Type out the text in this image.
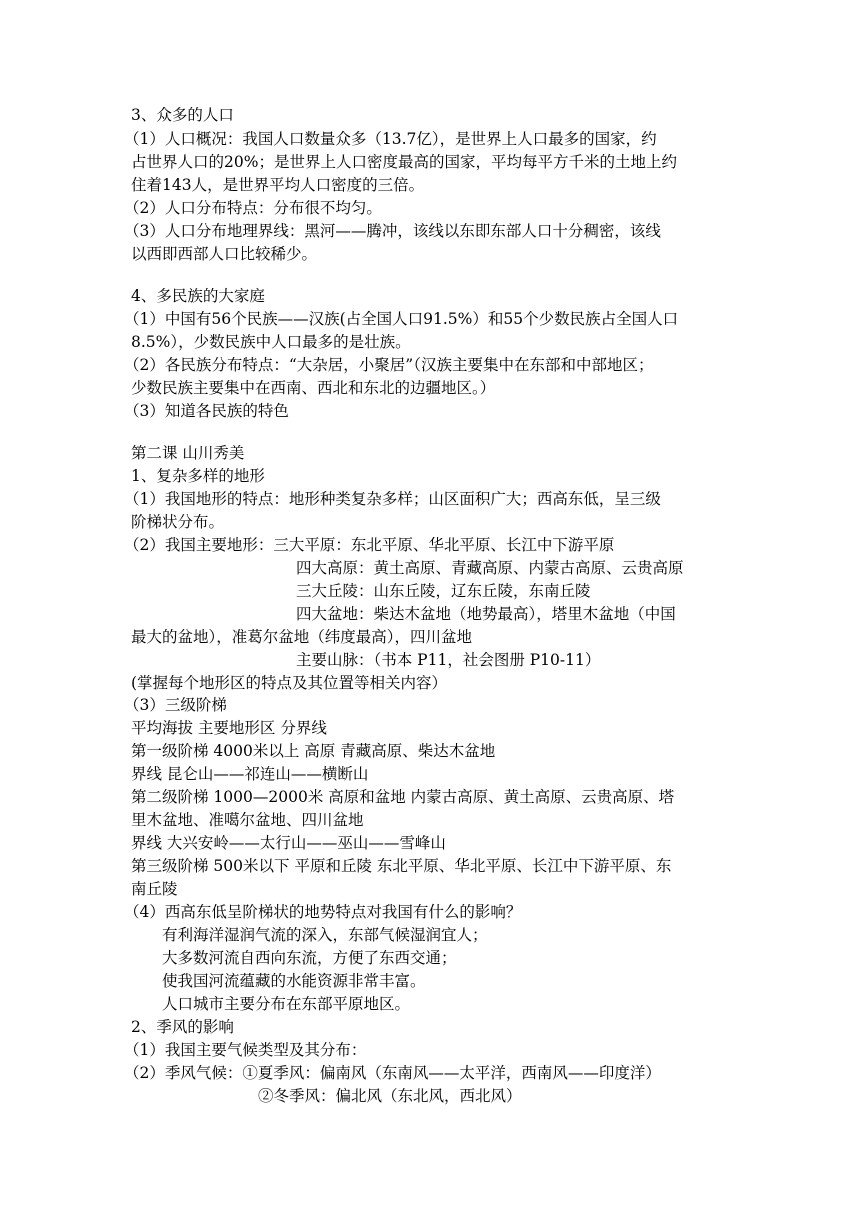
3、众多的人口
（1）人口概况：我国人口数量众多（13.7亿），是世界上人口最多的国家，约
占世界人口的20%；是世界上人口密度最高的国家，平均每平方千米的土地上约
住着143人，是世界平均人口密度的三倍。
（2）人口分布特点：分布很不均匀。
（3）人口分布地理界线：黑河——腾冲，该线以东即东部人口十分稠密，该线
以西即西部人口比较稀少。
4、多民族的大家庭
（1）中国有56个民族——汉族(占全国人口91.5%）和55个少数民族占全国人口
8.5%），少数民族中人口最多的是壮族。
（2）各民族分布特点：“大杂居，小聚居”（汉族主要集中在东部和中部地区；
少数民族主要集中在西南、西北和东北的边疆地区。）
（3）知道各民族的特色
第二课 山川秀美
1、复杂多样的地形
（1）我国地形的特点：地形种类复杂多样；山区面积广大；西高东低，呈三级
阶梯状分布。
（2）我国主要地形：三大平原：东北平原、华北平原、长江中下游平原
四大高原：黄土高原、青藏高原、内蒙古高原、云贵高原
三大丘陵：山东丘陵，辽东丘陵，东南丘陵
四大盆地：柴达木盆地（地势最高），塔里木盆地（中国
最大的盆地），准葛尔盆地（纬度最高），四川盆地
主要山脉：（书本 P11，社会图册 P10-11）
(掌握每个地形区的特点及其位置等相关内容）
（3）三级阶梯
平均海拔 主要地形区 分界线
第一级阶梯 4000米以上 高原 青藏高原、柴达木盆地
界线 昆仑山——祁连山——横断山
第二级阶梯 1000—2000米 高原和盆地 内蒙古高原、黄土高原、云贵高原、塔
里木盆地、准噶尔盆地、四川盆地
界线 大兴安岭——太行山——巫山——雪峰山
第三级阶梯 500米以下 平原和丘陵 东北平原、华北平原、长江中下游平原、东
南丘陵
（4）西高东低呈阶梯状的地势特点对我国有什么的影响？
有利海洋湿润气流的深入，东部气候湿润宜人；
大多数河流自西向东流，方便了东西交通；
使我国河流蕴藏的水能资源非常丰富。
人口城市主要分布在东部平原地区。
2、季风的影响
（1）我国主要气候类型及其分布：
（2）季风气候：①夏季风：偏南风（东南风——太平洋，西南风——印度洋）
②冬季风：偏北风（东北风，西北风）
